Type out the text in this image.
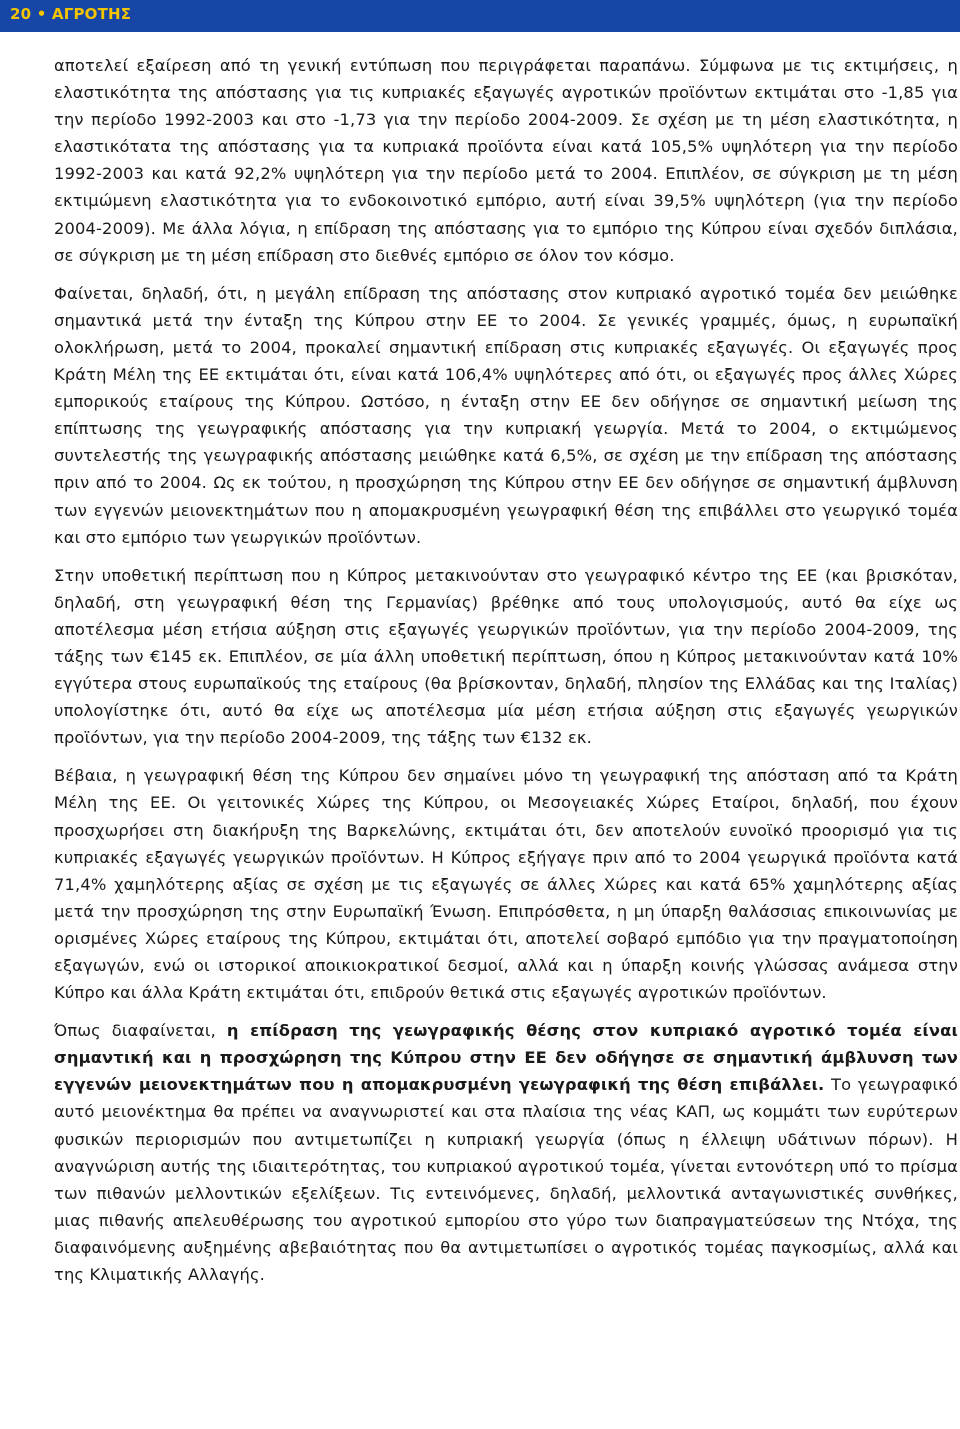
20 • ΑΓΡΟΤΗΣ

αποτελεί εξαίρεση από τη γενική εντύπωση που περιγράφεται παραπάνω. Σύμφωνα με τις εκτιμήσεις, η ελαστικότητα της απόστασης για τις κυπριακές εξαγωγές αγροτικών προϊόντων εκτιμάται στο -1,85 για την περίοδο 1992-2003 και στο -1,73 για την περίοδο 2004-2009. Σε σχέση με τη μέση ελαστικότητα, η ελαστικότατα της απόστασης για τα κυπριακά προϊόντα είναι κατά 105,5% υψηλότερη για την περίοδο 1992-2003 και κατά 92,2% υψηλότερη για την περίοδο μετά το 2004. Επιπλέον, σε σύγκριση με τη μέση εκτιμώμενη ελαστικότητα για το ενδοκοινοτικό εμπόριο, αυτή είναι 39,5% υψηλότερη (για την περίοδο 2004-2009). Με άλλα λόγια, η επίδραση της απόστασης για το εμπόριο της Κύπρου είναι σχεδόν διπλάσια, σε σύγκριση με τη μέση επίδραση στο διεθνές εμπόριο σε όλον τον κόσμο.

Φαίνεται, δηλαδή, ότι, η μεγάλη επίδραση της απόστασης στον κυπριακό αγροτικό τομέα δεν μειώθηκε σημαντικά μετά την ένταξη της Κύπρου στην ΕΕ το 2004. Σε γενικές γραμμές, όμως, η ευρωπαϊκή ολοκλήρωση, μετά το 2004, προκαλεί σημαντική επίδραση στις κυπριακές εξαγωγές. Οι εξαγωγές προς Κράτη Μέλη της ΕΕ εκτιμάται ότι, είναι κατά 106,4% υψηλότερες από ότι, οι εξαγωγές προς άλλες Χώρες εμπορικούς εταίρους της Κύπρου. Ωστόσο, η ένταξη στην ΕΕ δεν οδήγησε σε σημαντική μείωση της επίπτωσης της γεωγραφικής απόστασης για την κυπριακή γεωργία. Μετά το 2004, ο εκτιμώμενος συντελεστής της γεωγραφικής απόστασης μειώθηκε κατά 6,5%, σε σχέση με την επίδραση της απόστασης πριν από το 2004. Ως εκ τούτου, η προσχώρηση της Κύπρου στην ΕΕ δεν οδήγησε σε σημαντική άμβλυνση των εγγενών μειονεκτημάτων που η απομακρυσμένη γεωγραφική θέση της επιβάλλει στο γεωργικό τομέα και στο εμπόριο των γεωργικών προϊόντων.

Στην υποθετική περίπτωση που η Κύπρος μετακινούνταν στο γεωγραφικό κέντρο της ΕΕ (και βρισκόταν, δηλαδή, στη γεωγραφική θέση της Γερμανίας) βρέθηκε από τους υπολογισμούς, αυτό θα είχε ως αποτέλεσμα μέση ετήσια αύξηση στις εξαγωγές γεωργικών προϊόντων, για την περίοδο 2004-2009, της τάξης των €145 εκ. Επιπλέον, σε μία άλλη υποθετική περίπτωση, όπου η Κύπρος μετακινούνταν κατά 10% εγγύτερα στους ευρωπαϊκούς της εταίρους (θα βρίσκονταν, δηλαδή, πλησίον της Ελλάδας και της Ιταλίας) υπολογίστηκε ότι, αυτό θα είχε ως αποτέλεσμα μία μέση ετήσια αύξηση στις εξαγωγές γεωργικών προϊόντων, για την περίοδο 2004-2009, της τάξης των €132 εκ.

Βέβαια, η γεωγραφική θέση της Κύπρου δεν σημαίνει μόνο τη γεωγραφική της απόσταση από τα Κράτη Μέλη της ΕΕ. Οι γειτονικές Χώρες της Κύπρου, οι Μεσογειακές Χώρες Εταίροι, δηλαδή, που έχουν προσχωρήσει στη διακήρυξη της Βαρκελώνης, εκτιμάται ότι, δεν αποτελούν ευνοϊκό προορισμό για τις κυπριακές εξαγωγές γεωργικών προϊόντων. Η Κύπρος εξήγαγε πριν από το 2004 γεωργικά προϊόντα κατά 71,4% χαμηλότερης αξίας σε σχέση με τις εξαγωγές σε άλλες Χώρες και κατά 65% χαμηλότερης αξίας μετά την προσχώρηση της στην Ευρωπαϊκή Ένωση. Επιπρόσθετα, η μη ύπαρξη θαλάσσιας επικοινωνίας με ορισμένες Χώρες εταίρους της Κύπρου, εκτιμάται ότι, αποτελεί σοβαρό εμπόδιο για την πραγματοποίηση εξαγωγών, ενώ οι ιστορικοί αποικιοκρατικοί δεσμοί, αλλά και η ύπαρξη κοινής γλώσσας ανάμεσα στην Κύπρο και άλλα Κράτη εκτιμάται ότι, επιδρούν θετικά στις εξαγωγές αγροτικών προϊόντων.

Όπως διαφαίνεται, η επίδραση της γεωγραφικής θέσης στον κυπριακό αγροτικό τομέα είναι σημαντική και η προσχώρηση της Κύπρου στην ΕΕ δεν οδήγησε σε σημαντική άμβλυνση των εγγενών μειονεκτημάτων που η απομακρυσμένη γεωγραφική της θέση επιβάλλει. Το γεωγραφικό αυτό μειονέκτημα θα πρέπει να αναγνωριστεί και στα πλαίσια της νέας ΚΑΠ, ως κομμάτι των ευρύτερων φυσικών περιορισμών που αντιμετωπίζει η κυπριακή γεωργία (όπως η έλλειψη υδάτινων πόρων). Η αναγνώριση αυτής της ιδιαιτερότητας, του κυπριακού αγροτικού τομέα, γίνεται εντονότερη υπό το πρίσμα των πιθανών μελλοντικών εξελίξεων. Τις εντεινόμενες, δηλαδή, μελλοντικά ανταγωνιστικές συνθήκες, μιας πιθανής απελευθέρωσης του αγροτικού εμπορίου στο γύρο των διαπραγματεύσεων της Ντόχα, της διαφαινόμενης αυξημένης αβεβαιότητας που θα αντιμετωπίσει ο αγροτικός τομέας παγκοσμίως, αλλά και της Κλιματικής Αλλαγής.
